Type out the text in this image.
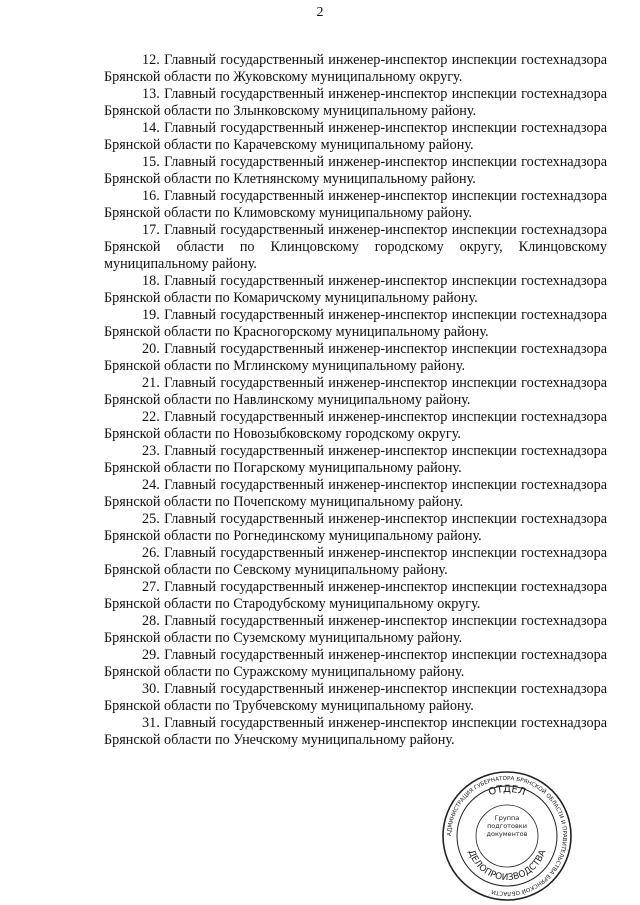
2

12. Главный государственный инженер-инспектор инспекции гостехнадзора Брянской области по Жуковскому муниципальному округу.

13. Главный государственный инженер-инспектор инспекции гостехнадзора Брянской области по Злынковскому муниципальному району.

14. Главный государственный инженер-инспектор инспекции гостехнадзора Брянской области по Карачевскому муниципальному району.

15. Главный государственный инженер-инспектор инспекции гостехнадзора Брянской области по Клетнянскому муниципальному району.

16. Главный государственный инженер-инспектор инспекции гостехнадзора Брянской области по Климовскому муниципальному району.

17. Главный государственный инженер-инспектор инспекции гостехнадзора Брянской области по Клинцовскому городскому округу, Клинцовскому муниципальному району.

18. Главный государственный инженер-инспектор инспекции гостехнадзора Брянской области по Комаричскому муниципальному району.

19. Главный государственный инженер-инспектор инспекции гостехнадзора Брянской области по Красногорскому муниципальному району.

20. Главный государственный инженер-инспектор инспекции гостехнадзора Брянской области по Мглинскому муниципальному району.

21. Главный государственный инженер-инспектор инспекции гостехнадзора Брянской области по Навлинскому муниципальному району.

22. Главный государственный инженер-инспектор инспекции гостехнадзора Брянской области по Новозыбковскому городскому округу.

23. Главный государственный инженер-инспектор инспекции гостехнадзора Брянской области по Погарскому муниципальному району.

24. Главный государственный инженер-инспектор инспекции гостехнадзора Брянской области по Почепскому муниципальному району.

25. Главный государственный инженер-инспектор инспекции гостехнадзора Брянской области по Рогнединскому муниципальному району.

26. Главный государственный инженер-инспектор инспекции гостехнадзора Брянской области по Севскому муниципальному району.

27. Главный государственный инженер-инспектор инспекции гостехнадзора Брянской области по Стародубскому муниципальному округу.

28. Главный государственный инженер-инспектор инспекции гостехнадзора Брянской области по Суземскому муниципальному району.

29. Главный государственный инженер-инспектор инспекции гостехнадзора Брянской области по Суражскому муниципальному району.

30. Главный государственный инженер-инспектор инспекции гостехнадзора Брянской области по Трубчевскому муниципальному району.

31. Главный государственный инженер-инспектор инспекции гостехнадзора Брянской области по Унечскому муниципальному району.

АДМИНИСТРАЦИЯ ГУБЕРНАТОРА БРЯНСКОЙ ОБЛАСТИ И ПРАВИТЕЛЬСТВА БРЯНСКОЙ ОБЛАСТИ
ОТДЕЛ
ДЕЛОПРОИЗВОДСТВА
Группа
подготовки
документов
